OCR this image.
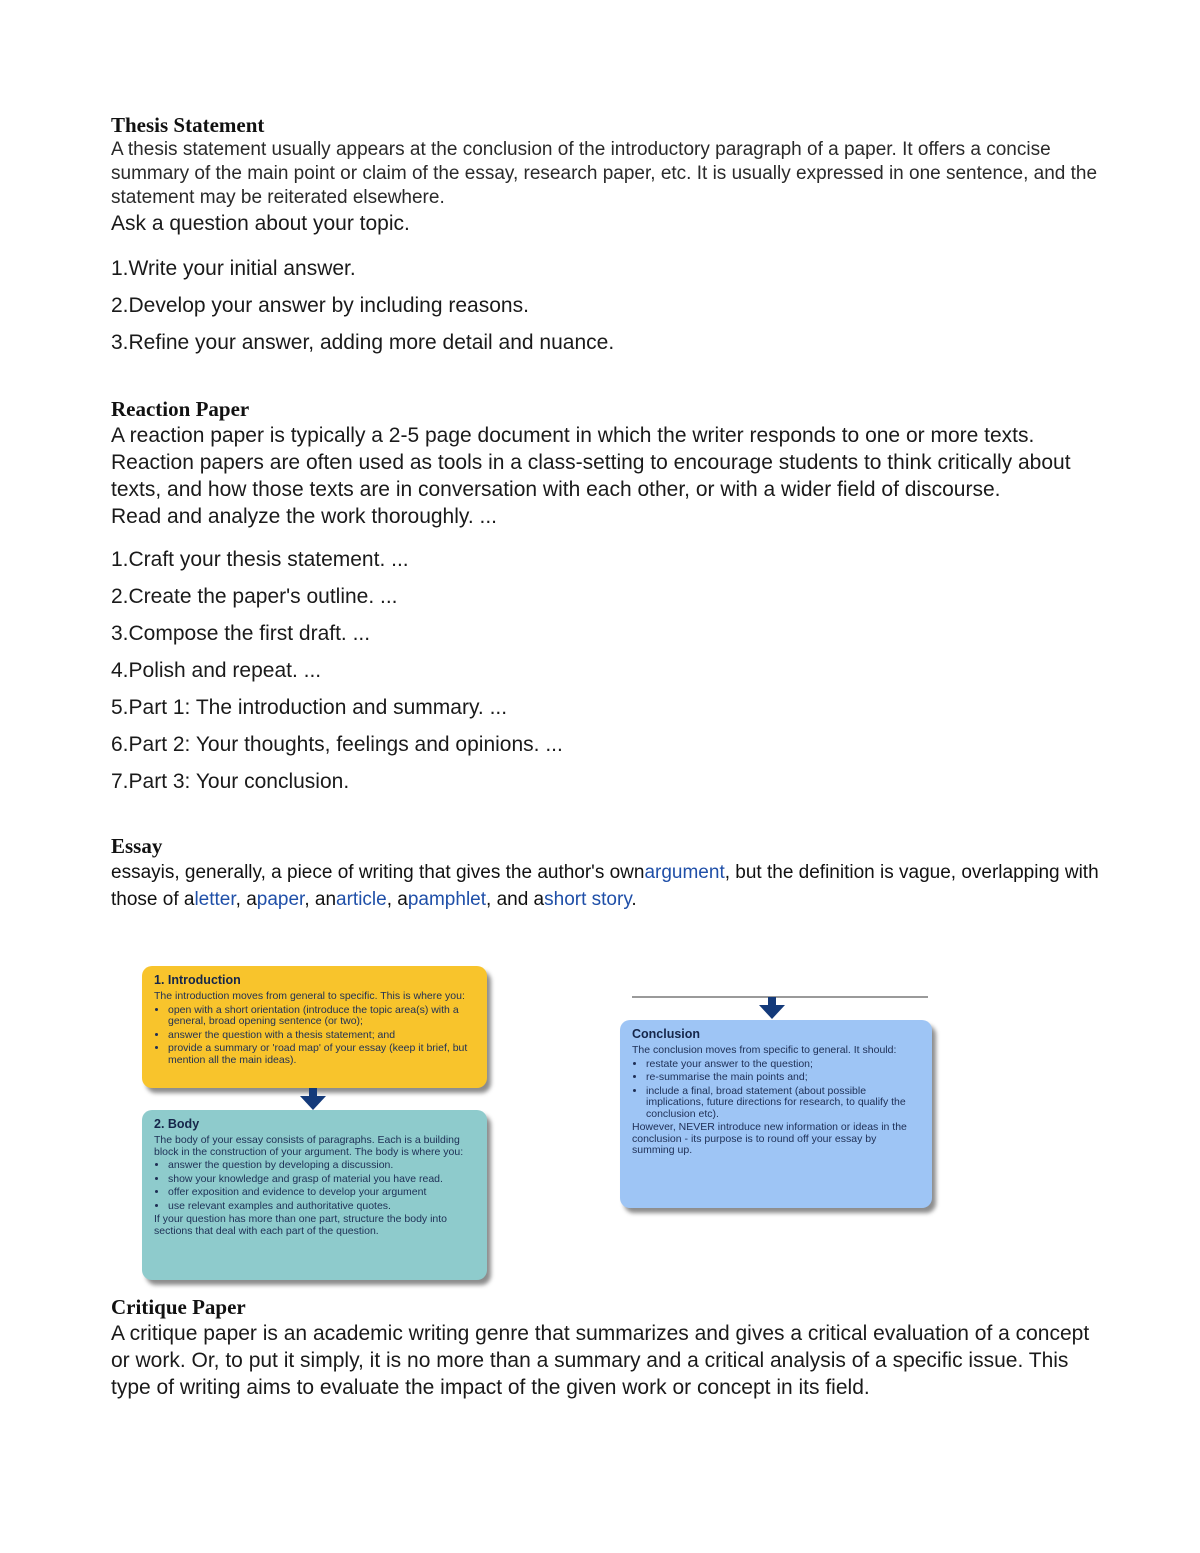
Thesis Statement

A thesis statement usually appears at the conclusion of the introductory paragraph of a paper. It offers a concise summary of the main point or claim of the essay, research paper, etc. It is usually expressed in one sentence, and the statement may be reiterated elsewhere.

Ask a question about your topic.

1.Write your initial answer.

2.Develop your answer by including reasons.

3.Refine your answer, adding more detail and nuance.

Reaction Paper

A reaction paper is typically a 2-5 page document in which the writer responds to one or more texts. Reaction papers are often used as tools in a class-setting to encourage students to think critically about texts, and how those texts are in conversation with each other, or with a wider field of discourse.

Read and analyze the work thoroughly. ...

1.Craft your thesis statement. ...

2.Create the paper's outline. ...

3.Compose the first draft. ...

4.Polish and repeat. ...

5.Part 1: The introduction and summary. ...

6.Part 2: Your thoughts, feelings and opinions. ...

7.Part 3: Your conclusion.

Essay

essayis, generally, a piece of writing that gives the author's ownargument, but the definition is vague, overlapping with those of aletter, apaper, anarticle, apamphlet, and ashort story.

1. Introduction

The introduction moves from general to specific. This is where you:

• open with a short orientation (introduce the topic area(s) with a general, broad opening sentence (or two);
• answer the question with a thesis statement; and
• provide a summary or 'road map' of your essay (keep it brief, but mention all the main ideas).
2. Body

The body of your essay consists of paragraphs. Each is a building block in the construction of your argument. The body is where you:

• answer the question by developing a discussion.
• show your knowledge and grasp of material you have read.
• offer exposition and evidence to develop your argument
• use relevant examples and authoritative quotes.

If your question has more than one part, structure the body into sections that deal with each part of the question.

Conclusion

The conclusion moves from specific to general. It should:

• restate your answer to the question;
• re-summarise the main points and;
• include a final, broad statement (about possible implications, future directions for research, to qualify the conclusion etc).

However, NEVER introduce new information or ideas in the conclusion - its purpose is to round off your essay by summing up.

Critique Paper

A critique paper is an academic writing genre that summarizes and gives a critical evaluation of a concept or work. Or, to put it simply, it is no more than a summary and a critical analysis of a specific issue. This type of writing aims to evaluate the impact of the given work or concept in its field.
